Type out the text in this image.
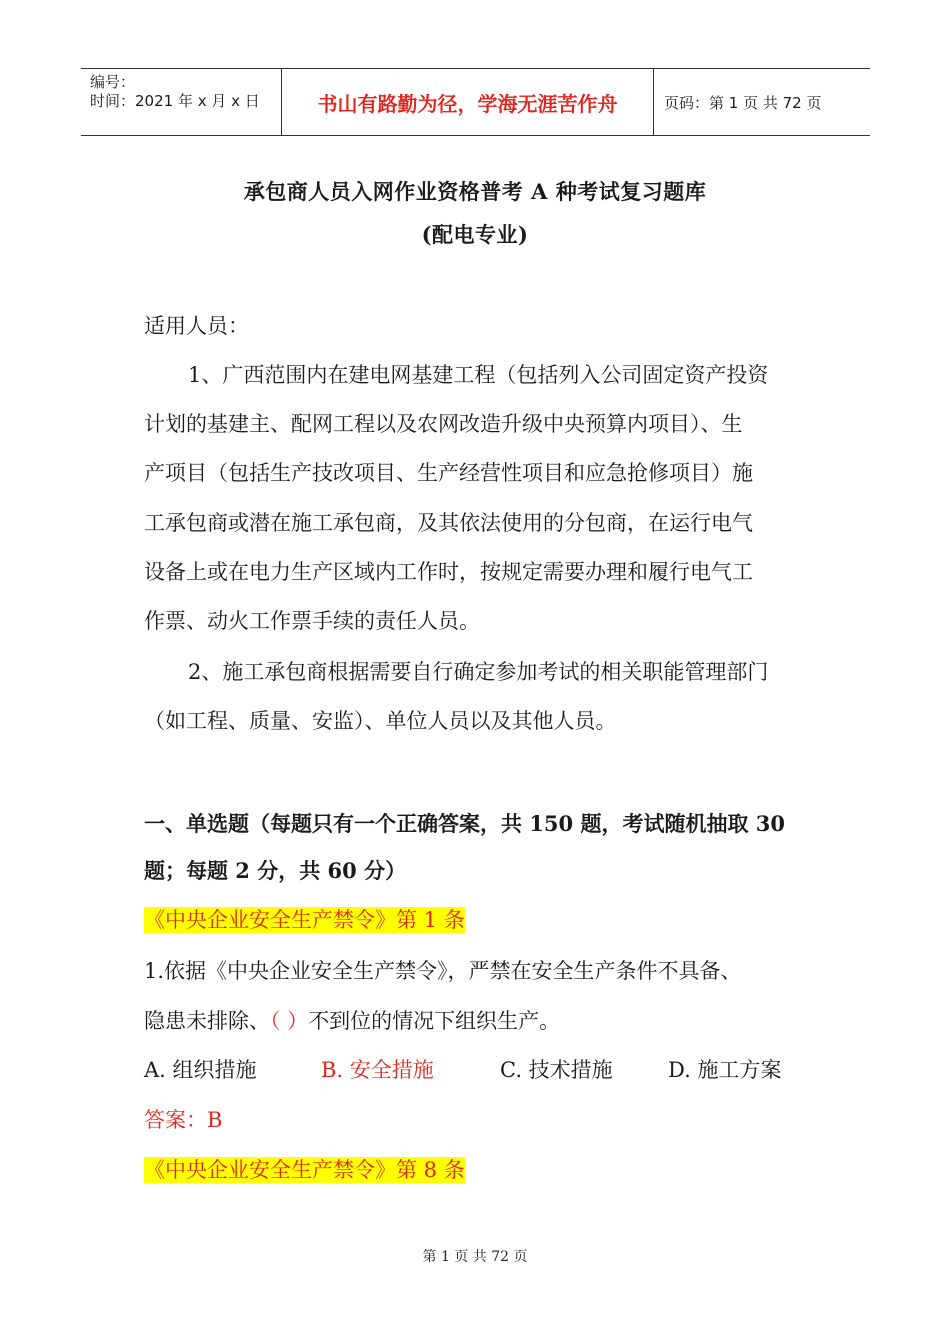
编号：
时间：2021 年 x 月 x 日	书山有路勤为径，学海无涯苦作舟	页码：第 1 页 共 72 页
承包商人员入网作业资格普考 A 种考试复习题库
(配电专业)
适用人员：
1、广西范围内在建电网基建工程（包括列入公司固定资产投资
计划的基建主、配网工程以及农网改造升级中央预算内项目）、生
产项目（包括生产技改项目、生产经营性项目和应急抢修项目）施
工承包商或潜在施工承包商，及其依法使用的分包商，在运行电气
设备上或在电力生产区域内工作时，按规定需要办理和履行电气工
作票、动火工作票手续的责任人员。
2、施工承包商根据需要自行确定参加考试的相关职能管理部门
（如工程、质量、安监）、单位人员以及其他人员。
一、单选题（每题只有一个正确答案，共 150 题，考试随机抽取 30
题；每题 2 分，共 60 分）
《中央企业安全生产禁令》第 1 条
1.依据《中央企业安全生产禁令》，严禁在安全生产条件不具备、
隐患未排除、（ ）不到位的情况下组织生产。
A. 组织措施	B. 安全措施	C. 技术措施	D. 施工方案
答案：B
《中央企业安全生产禁令》第 8 条
第 1 页 共 72 页
